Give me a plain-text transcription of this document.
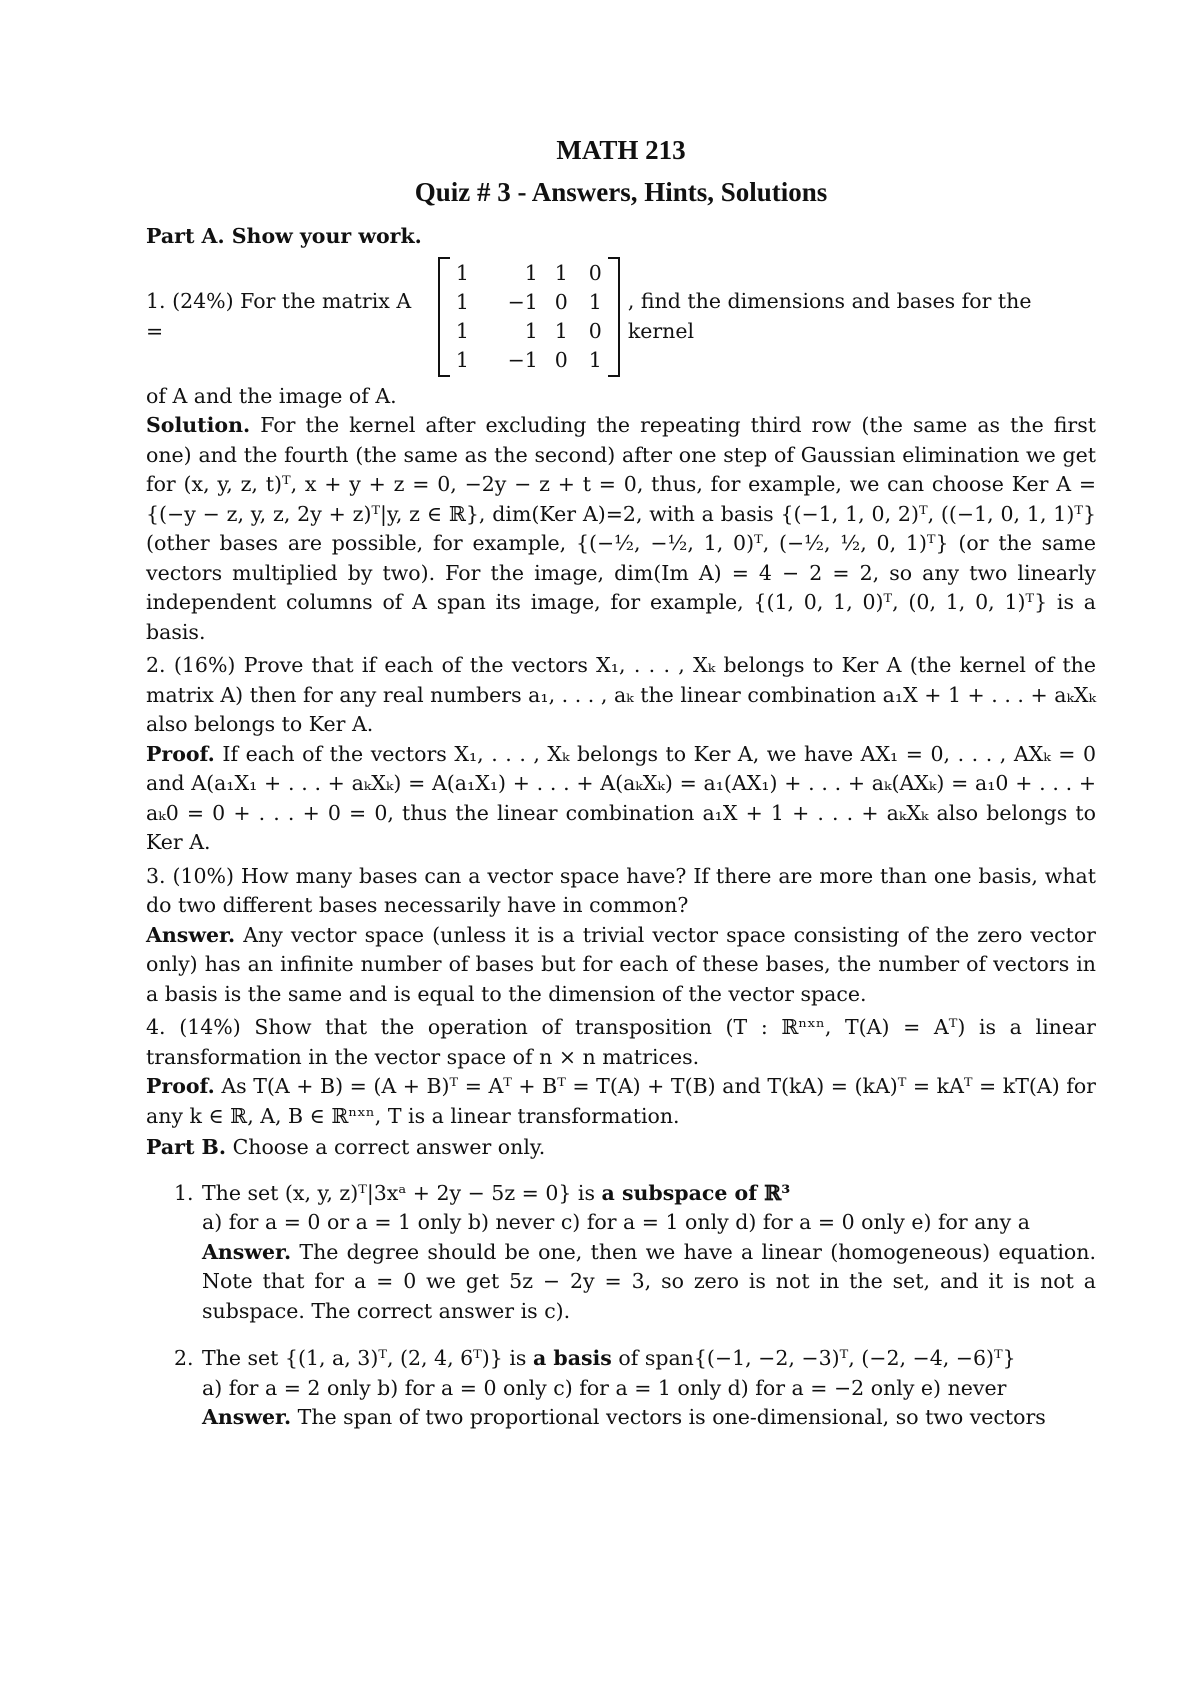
MATH 213
Quiz # 3 - Answers, Hints, Solutions
Part A. Show your work.
1. (24%) For the matrix A =
1	1 1	0
1	−1 0	1
1	1 1	0
1	−1 0	1
, find the dimensions and bases for the kernel

of A and the image of A.

Solution. For the kernel after excluding the repeating third row (the same as the first one) and the fourth (the same as the second) after one step of Gaussian elimination we get for (x, y, z, t)ᵀ, x + y + z = 0, −2y − z + t = 0, thus, for example, we can choose Ker A = {(−y − z, y, z, 2y + z)ᵀ|y, z ∈ ℝ}, dim(Ker A)=2, with a basis {(−1, 1, 0, 2)ᵀ, ((−1, 0, 1, 1)ᵀ} (other bases are possible, for example, {(−½, −½, 1, 0)ᵀ, (−½, ½, 0, 1)ᵀ} (or the same vectors multiplied by two). For the image, dim(Im A) = 4 − 2 = 2, so any two linearly independent columns of A span its image, for example, {(1, 0, 1, 0)ᵀ, (0, 1, 0, 1)ᵀ} is a basis.

2. (16%) Prove that if each of the vectors X₁, . . . , Xₖ belongs to Ker A (the kernel of the matrix A) then for any real numbers a₁, . . . , aₖ the linear combination a₁X + 1 + . . . + aₖXₖ also belongs to Ker A.

Proof. If each of the vectors X₁, . . . , Xₖ belongs to Ker A, we have AX₁ = 0, . . . , AXₖ = 0 and A(a₁X₁ + . . . + aₖXₖ) = A(a₁X₁) + . . . + A(aₖXₖ) = a₁(AX₁) + . . . + aₖ(AXₖ) = a₁0 + . . . + aₖ0 = 0 + . . . + 0 = 0, thus the linear combination a₁X + 1 + . . . + aₖXₖ also belongs to Ker A.

3. (10%) How many bases can a vector space have? If there are more than one basis, what do two different bases necessarily have in common?

Answer. Any vector space (unless it is a trivial vector space consisting of the zero vector only) has an infinite number of bases but for each of these bases, the number of vectors in a basis is the same and is equal to the dimension of the vector space.

4. (14%) Show that the operation of transposition (T : ℝⁿˣⁿ, T(A) = Aᵀ) is a linear transformation in the vector space of n × n matrices.

Proof. As T(A + B) = (A + B)ᵀ = Aᵀ + Bᵀ = T(A) + T(B) and T(kA) = (kA)ᵀ = kAᵀ = kT(A) for any k ∈ ℝ, A, B ∈ ℝⁿˣⁿ, T is a linear transformation.

Part B. Choose a correct answer only.

1. The set (x, y, z)ᵀ|3xᵃ + 2y − 5z = 0} is a subspace of ℝ³

a) for a = 0 or a = 1 only b) never c) for a = 1 only d) for a = 0 only e) for any a

Answer. The degree should be one, then we have a linear (homogeneous) equation. Note that for a = 0 we get 5z − 2y = 3, so zero is not in the set, and it is not a subspace. The correct answer is c).

2. The set {(1, a, 3)ᵀ, (2, 4, 6ᵀ)} is a basis of span{(−1, −2, −3)ᵀ, (−2, −4, −6)ᵀ}

a) for a = 2 only b) for a = 0 only c) for a = 1 only d) for a = −2 only e) never

Answer. The span of two proportional vectors is one-dimensional, so two vectors
